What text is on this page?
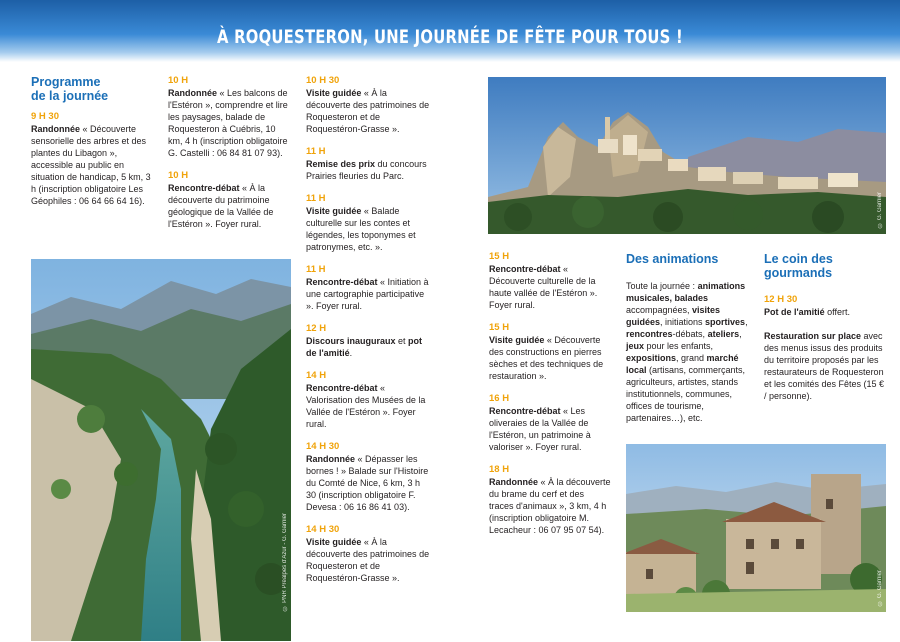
À ROQUESTERON, UNE JOURNÉE DE FÊTE POUR TOUS !

Programme

de la journée

9 H 30

Randonnée « Découverte sensorielle des arbres et des plantes du Libagon », accessible au public en situation de handicap, 5 km, 3 h (inscription obligatoire Les Géophiles : 06 64 66 64 16).

10 H

Randonnée « Les balcons de l'Estéron », comprendre et lire les paysages, balade de Roquesteron à Cuébris, 10 km, 4 h (inscription obligatoire G. Castelli : 06 84 81 07 93).

10 H

Rencontre-débat « À la découverte du patrimoine géologique de la Vallée de l'Estéron ». Foyer rural.

10 H 30

Visite guidée « À la découverte des patrimoines de Roquesteron et de Roquestéron-Grasse ».

11 H

Remise des prix du concours Prairies fleuries du Parc.

11 H

Visite guidée « Balade culturelle sur les contes et légendes, les toponymes et patronymes, etc. ».

11 H

Rencontre-débat « Initiation à une cartographie participative ». Foyer rural.

12 H

Discours inauguraux et pot de l'amitié.

14 H

Rencontre-débat « Valorisation des Musées de la Vallée de l'Estéron ». Foyer rural.

14 H 30

Randonnée « Dépasser les bornes ! » Balade sur l'Histoire du Comté de Nice, 6 km, 3 h 30 (inscription obligatoire F. Devesa : 06 16 86 41 03).

14 H 30

Visite guidée « À la découverte des patrimoines de Roquesteron et de Roquestéron-Grasse ».

15 H

Rencontre-débat « Découverte culturelle de la haute vallée de l'Estéron ». Foyer rural.

15 H

Visite guidée « Découverte des constructions en pierres sèches et des techniques de restauration ».

16 H

Rencontre-débat « Les oliveraies de la Vallée de l'Estéron, un patrimoine à valoriser ». Foyer rural.

18 H

Randonnée « À la découverte du brame du cerf et des traces d'animaux », 3 km, 4 h (inscription obligatoire M. Lecacheur : 06 07 95 07 54).

Des animations

Toute la journée : animations musicales, balades accompagnées, visites guidées, initiations sportives, rencontres-débats, ateliers, jeux pour les enfants, expositions, grand marché local (artisans, commerçants, agriculteurs, artistes, stands institutionnels, communes, offices de tourisme, partenaires…), etc.

Le coin des gourmands

12 H 30

Pot de l'amitié offert.

Restauration sur place avec des menus issus des produits du territoire proposés par les restaurateurs de Roquesteron et les comités des Fêtes (15 € / personne).

© PNR Préalpes d'Azur - G. Garnier
© G. Garnier
© G. Garnier
